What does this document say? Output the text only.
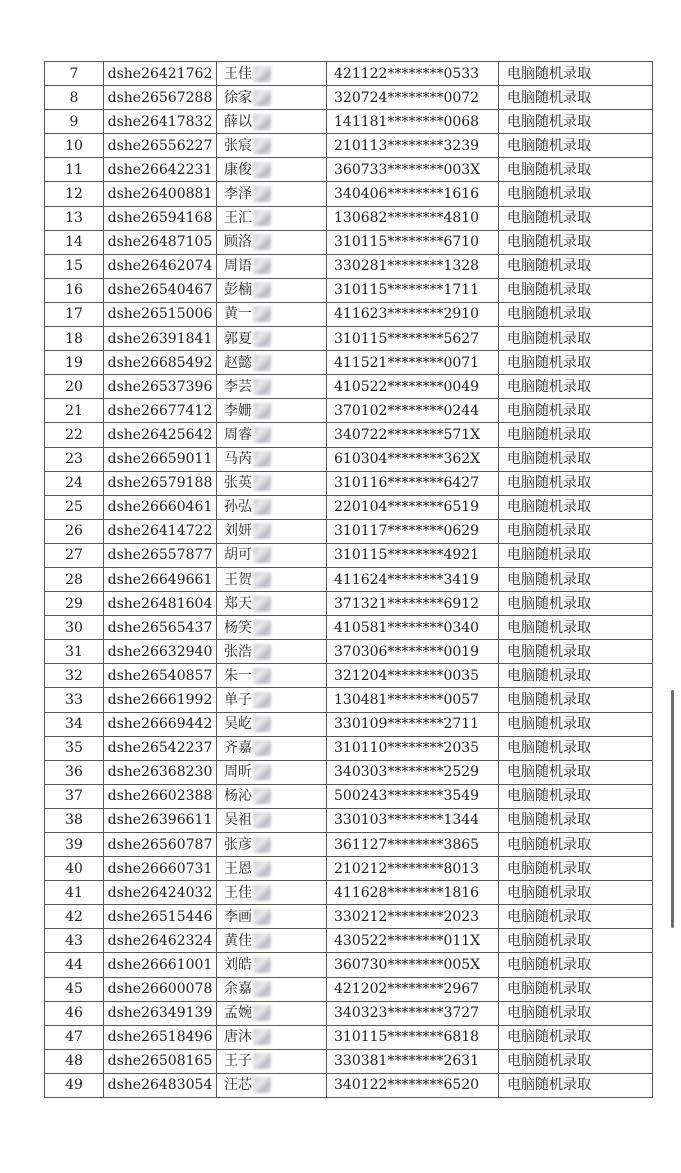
7	dshe26421762	王佳	421122********0533	电脑随机录取
8	dshe26567288	徐家	320724********0072	电脑随机录取
9	dshe26417832	薛以	141181********0068	电脑随机录取
10	dshe26556227	张宸	210113********3239	电脑随机录取
11	dshe26642231	康俊	360733********003X	电脑随机录取
12	dshe26400881	李泽	340406********1616	电脑随机录取
13	dshe26594168	王汇	130682********4810	电脑随机录取
14	dshe26487105	顾洛	310115********6710	电脑随机录取
15	dshe26462074	周语	330281********1328	电脑随机录取
16	dshe26540467	彭楠	310115********1711	电脑随机录取
17	dshe26515006	黄一	411623********2910	电脑随机录取
18	dshe26391841	郭夏	310115********5627	电脑随机录取
19	dshe26685492	赵懿	411521********0071	电脑随机录取
20	dshe26537396	李芸	410522********0049	电脑随机录取
21	dshe26677412	李姗	370102********0244	电脑随机录取
22	dshe26425642	周睿	340722********571X	电脑随机录取
23	dshe26659011	马芮	610304********362X	电脑随机录取
24	dshe26579188	张英	310116********6427	电脑随机录取
25	dshe26660461	孙弘	220104********6519	电脑随机录取
26	dshe26414722	刘妍	310117********0629	电脑随机录取
27	dshe26557877	胡可	310115********4921	电脑随机录取
28	dshe26649661	王贺	411624********3419	电脑随机录取
29	dshe26481604	郑天	371321********6912	电脑随机录取
30	dshe26565437	杨笑	410581********0340	电脑随机录取
31	dshe26632940	张浩	370306********0019	电脑随机录取
32	dshe26540857	朱一	321204********0035	电脑随机录取
33	dshe26661992	单子	130481********0057	电脑随机录取
34	dshe26669442	吴屹	330109********2711	电脑随机录取
35	dshe26542237	齐嘉	310110********2035	电脑随机录取
36	dshe26368230	周昕	340303********2529	电脑随机录取
37	dshe26602388	杨沁	500243********3549	电脑随机录取
38	dshe26396611	吴祖	330103********1344	电脑随机录取
39	dshe26560787	张彦	361127********3865	电脑随机录取
40	dshe26660731	王恩	210212********8013	电脑随机录取
41	dshe26424032	王佳	411628********1816	电脑随机录取
42	dshe26515446	李画	330212********2023	电脑随机录取
43	dshe26462324	黄佳	430522********011X	电脑随机录取
44	dshe26661001	刘皓	360730********005X	电脑随机录取
45	dshe26600078	余嘉	421202********2967	电脑随机录取
46	dshe26349139	孟婉	340323********3727	电脑随机录取
47	dshe26518496	唐沐	310115********6818	电脑随机录取
48	dshe26508165	王子	330381********2631	电脑随机录取
49	dshe26483054	汪芯	340122********6520	电脑随机录取
